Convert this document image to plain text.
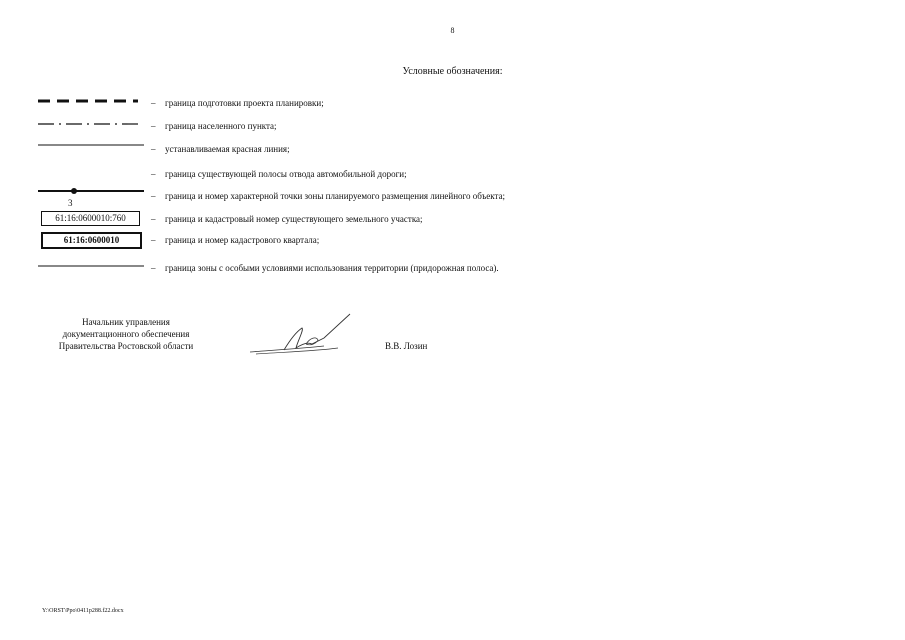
8
Условные обозначения:
– граница подготовки проекта планировки;
– граница населенного пункта;
– устанавливаемая красная линия;
– граница существующей полосы отвода автомобильной дороги;
3
– граница и номер характерной точки зоны планируемого размещения линейного объекта;
61:16:0600010:760	– граница и кадастровый номер существующего земельного участка;
61:16:0600010	– граница и номер кадастрового квартала;
– граница зоны с особыми условиями использования территории (придорожная полоса).
Начальник управления
документационного обеспечения
Правительства Ростовской области	В.В. Лозин
Y:\ORST\Ppo\0411p288.f22.docx
